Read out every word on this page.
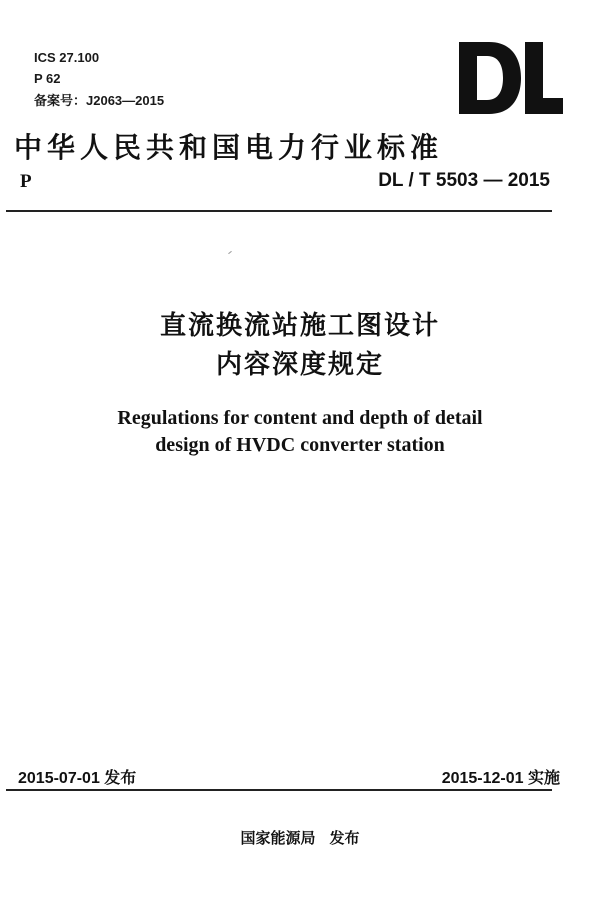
ICS 27.100
P 62
备案号：J2063—2015
中华人民共和国电力行业标准
P	DL / T 5503 — 2015
直流换流站施工图设计
内容深度规定
Regulations for content and depth of detail
design of HVDC converter station
2015-07-01 发布	2015-12-01 实施
国家能源局 发布
